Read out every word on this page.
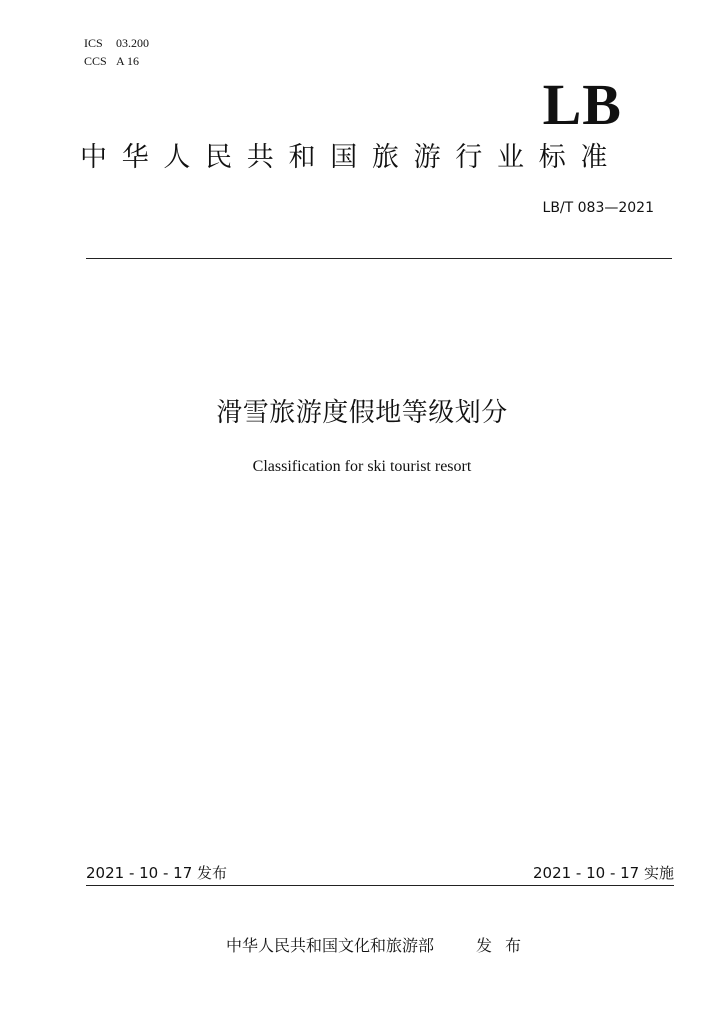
ICS 03.200
CCS A 16
LB
中华人民共和国旅游行业标准
LB/T 083—2021
滑雪旅游度假地等级划分
Classification for ski tourist resort
2021 - 10 - 17 发布	2021 - 10 - 17 实施
中华人民共和国文化和旅游部	发布
